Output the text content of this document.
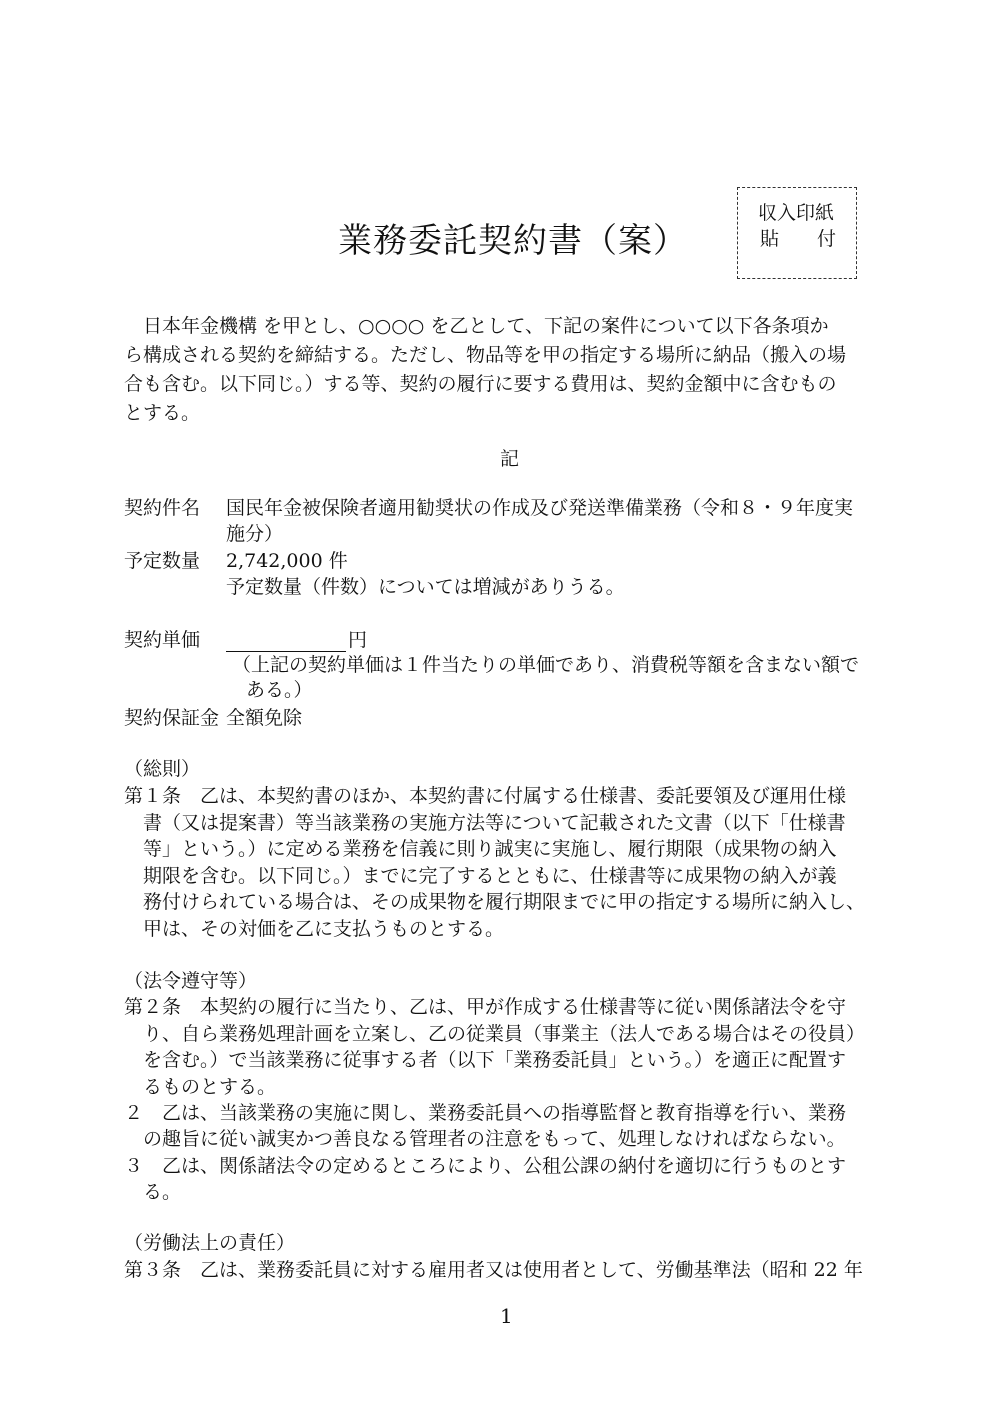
業務委託契約書（案）
収入印紙
貼　　付
　日本年金機構 を甲とし、○○○○ を乙として、下記の案件について以下各条項か
ら構成される契約を締結する。ただし、物品等を甲の指定する場所に納品（搬入の場
合も含む。以下同じ。）する等、契約の履行に要する費用は、契約金額中に含むもの
とする。
記
契約件名 国民年金被保険者適用勧奨状の作成及び発送準備業務（令和８・９年度実
施分）
予定数量 2,742,000 件
予定数量（件数）については増減がありうる。
契約単価	円
（上記の契約単価は１件当たりの単価であり、消費税等額を含まない額で
ある。）
契約保証金 全額免除
（総則）
第１条　乙は、本契約書のほか、本契約書に付属する仕様書、委託要領及び運用仕様
書（又は提案書）等当該業務の実施方法等について記載された文書（以下「仕様書
等」という。）に定める業務を信義に則り誠実に実施し、履行期限（成果物の納入
期限を含む。以下同じ。）までに完了するとともに、仕様書等に成果物の納入が義
務付けられている場合は、その成果物を履行期限までに甲の指定する場所に納入し、
甲は、その対価を乙に支払うものとする。
（法令遵守等）
第２条　本契約の履行に当たり、乙は、甲が作成する仕様書等に従い関係諸法令を守
り、自ら業務処理計画を立案し、乙の従業員（事業主（法人である場合はその役員）
を含む。）で当該業務に従事する者（以下「業務委託員」という。）を適正に配置す
るものとする。
２　乙は、当該業務の実施に関し、業務委託員への指導監督と教育指導を行い、業務
の趣旨に従い誠実かつ善良なる管理者の注意をもって、処理しなければならない。
３　乙は、関係諸法令の定めるところにより、公租公課の納付を適切に行うものとす
る。
（労働法上の責任）
第３条　乙は、業務委託員に対する雇用者又は使用者として、労働基準法（昭和 22 年
1
